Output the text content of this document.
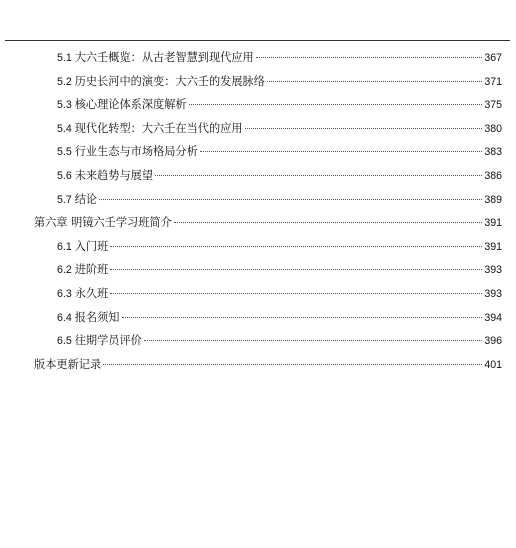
5.1 大六壬概览：从古老智慧到现代应用	367
5.2 历史长河中的演变：大六壬的发展脉络	371
5.3 核心理论体系深度解析	375
5.4 现代化转型：大六壬在当代的应用	380
5.5 行业生态与市场格局分析	383
5.6 未来趋势与展望	386
5.7 结论	389
第六章 明镜六壬学习班简介	391
6.1 入门班	391
6.2 进阶班	393
6.3 永久班	393
6.4 报名须知	394
6.5 往期学员评价	396
版本更新记录	401
